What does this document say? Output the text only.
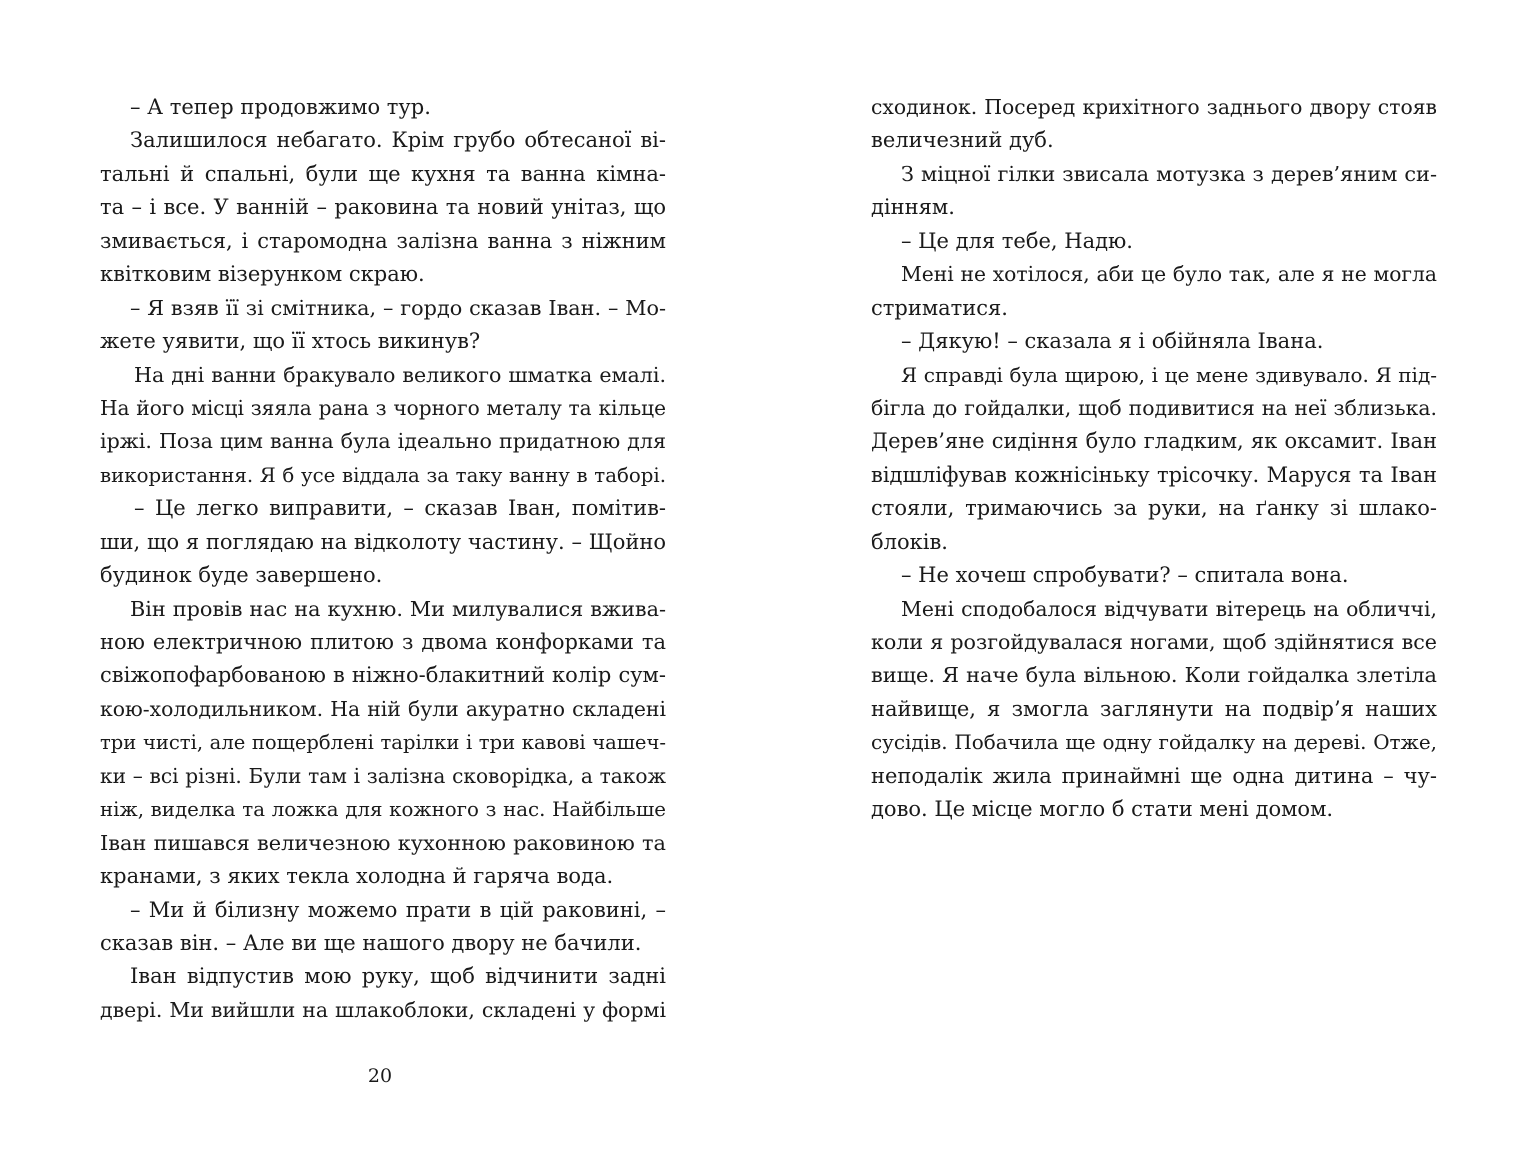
– А тепер продовжимо тур.
Залишилося небагато. Крім грубо обтесаної ві-
тальні й спальні, були ще кухня та ванна кімна-
та – і все. У ванній – раковина та новий унітаз, що
змивається, і старомодна залізна ванна з ніжним
квітковим візерунком скраю.
– Я взяв її зі смітника, – гордо сказав Іван. – Мо-
жете уявити, що її хтось викинув?
На дні ванни бракувало великого шматка емалі.
На його місці зяяла рана з чорного металу та кільце
іржі. Поза цим ванна була ідеально придатною для
використання. Я б усе віддала за таку ванну в таборі.
– Це легко виправити, – сказав Іван, помітив-
ши, що я поглядаю на відколоту частину. – Щойно
будинок буде завершено.
Він провів нас на кухню. Ми милувалися вжива-
ною електричною плитою з двома конфорками та
свіжопофарбованою в ніжно-блакитний колір сум-
кою-холодильником. На ній були акуратно складені
три чисті, але пощерблені тарілки і три кавові чашеч-
ки – всі різні. Були там і залізна сковорідка, а також
ніж, виделка та ложка для кожного з нас. Найбільше
Іван пишався величезною кухонною раковиною та
кранами, з яких текла холодна й гаряча вода.
– Ми й білизну можемо прати в цій раковині, –
сказав він. – Але ви ще нашого двору не бачили.
Іван відпустив мою руку, щоб відчинити задні
двері. Ми вийшли на шлакоблоки, складені у формі
сходинок. Посеред крихітного заднього двору стояв
величезний дуб.
З міцної гілки звисала мотузка з дерев’яним си-
дінням.
– Це для тебе, Надю.
Мені не хотілося, аби це було так, але я не могла
стриматися.
– Дякую! – сказала я і обійняла Івана.
Я справді була щирою, і це мене здивувало. Я під-
бігла до гойдалки, щоб подивитися на неї зблизька.
Дерев’яне сидіння було гладким, як оксамит. Іван
відшліфував кожнісіньку трісочку. Маруся та Іван
стояли, тримаючись за руки, на ґанку зі шлако-
блоків.
– Не хочеш спробувати? – спитала вона.
Мені сподобалося відчувати вітерець на обличчі,
коли я розгойдувалася ногами, щоб здійнятися все
вище. Я наче була вільною. Коли гойдалка злетіла
найвище, я змогла заглянути на подвір’я наших
сусідів. Побачила ще одну гойдалку на дереві. Отже,
неподалік жила принаймні ще одна дитина – чу-
дово. Це місце могло б стати мені домом.
20
